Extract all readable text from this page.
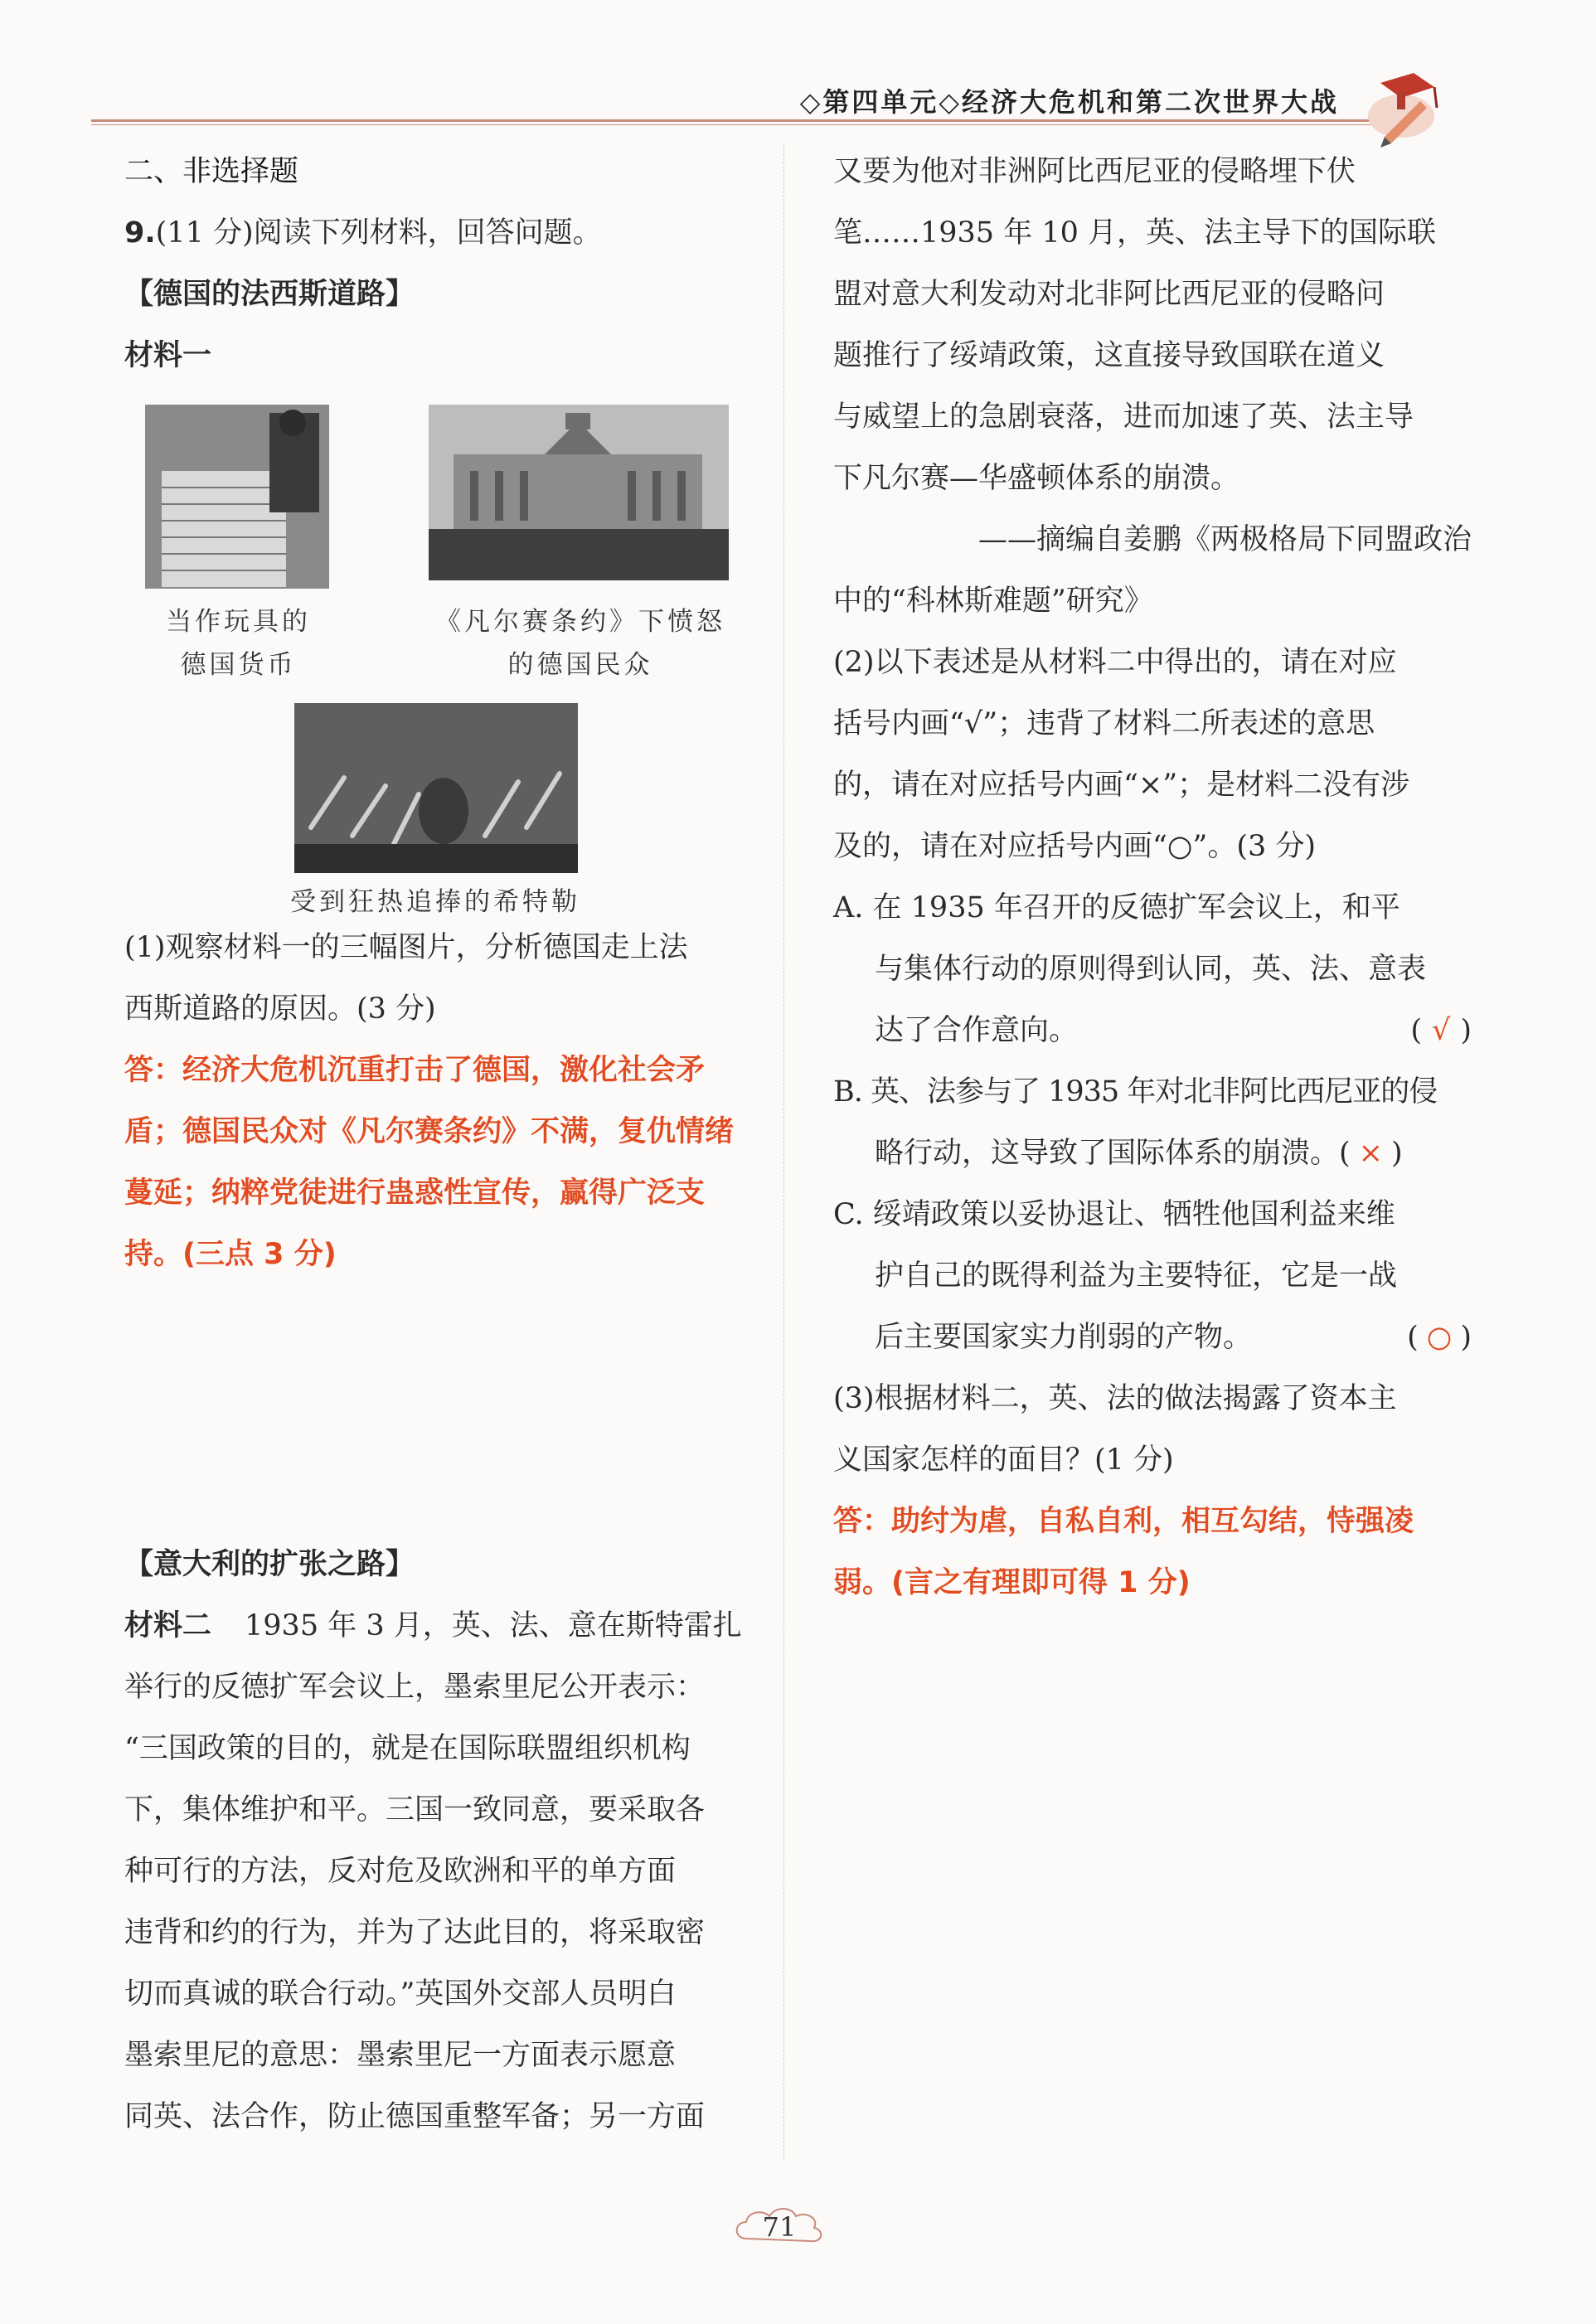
◇第四单元◇经济大危机和第二次世界大战
二、非选择题
9.(11 分)阅读下列材料，回答问题。
【德国的法西斯道路】
材料一
当作玩具的
德国货币
《凡尔赛条约》下愤怒
的德国民众
受到狂热追捧的希特勒
(1)观察材料一的三幅图片，分析德国走上法
西斯道路的原因。(3 分)
答：经济大危机沉重打击了德国，激化社会矛
盾；德国民众对《凡尔赛条约》不满，复仇情绪
蔓延；纳粹党徒进行蛊惑性宣传，赢得广泛支
持。(三点 3 分)
【意大利的扩张之路】
材料二 1935 年 3 月，英、法、意在斯特雷扎
举行的反德扩军会议上，墨索里尼公开表示：
“三国政策的目的，就是在国际联盟组织机构
下，集体维护和平。三国一致同意，要采取各
种可行的方法，反对危及欧洲和平的单方面
违背和约的行为，并为了达此目的，将采取密
切而真诚的联合行动。”英国外交部人员明白
墨索里尼的意思：墨索里尼一方面表示愿意
同英、法合作，防止德国重整军备；另一方面
又要为他对非洲阿比西尼亚的侵略埋下伏
笔……1935 年 10 月，英、法主导下的国际联
盟对意大利发动对北非阿比西尼亚的侵略问
题推行了绥靖政策，这直接导致国联在道义
与威望上的急剧衰落，进而加速了英、法主导
下凡尔赛—华盛顿体系的崩溃。
——摘编自姜鹏《两极格局下同盟政治
中的“科林斯难题”研究》
(2)以下表述是从材料二中得出的，请在对应
括号内画“√”；违背了材料二所表述的意思
的，请在对应括号内画“×”；是材料二没有涉
及的，请在对应括号内画“○”。(3 分)
A. 在 1935 年召开的反德扩军会议上，和平
与集体行动的原则得到认同，英、法、意表
达了合作意向。	( √ )
B. 英、法参与了 1935 年对北非阿比西尼亚的侵
略行动，这导致了国际体系的崩溃。( × )
C. 绥靖政策以妥协退让、牺牲他国利益来维
护自己的既得利益为主要特征，它是一战
后主要国家实力削弱的产物。	( ○ )
(3)根据材料二，英、法的做法揭露了资本主
义国家怎样的面目？(1 分)
答：助纣为虐，自私自利，相互勾结，恃强凌
弱。(言之有理即可得 1 分)
71
